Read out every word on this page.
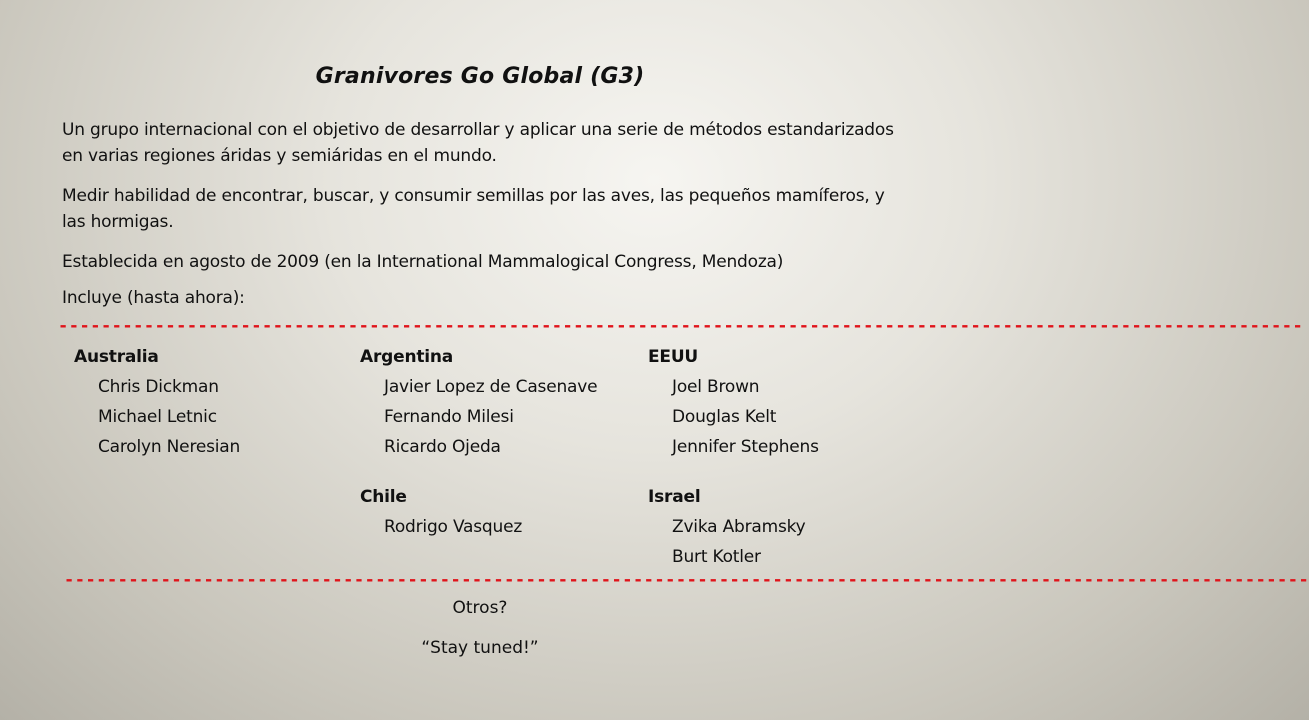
Granivores Go Global (G3)
Un grupo internacional con el objetivo de desarrollar y aplicar una serie de métodos estandarizados en varias regiones áridas y semiáridas en el mundo.
Medir habilidad de encontrar, buscar, y consumir semillas por las aves, las pequeños mamíferos, y las hormigas.
Establecida en agosto de 2009 (en la International Mammalogical Congress, Mendoza)
Incluye (hasta ahora):
--------------------------------------------------------------------------------------------------------------------
Australia
Chris Dickman
Michael Letnic
Carolyn Neresian
Argentina
Javier Lopez de Casenave
Fernando Milesi
Ricardo Ojeda
EEUU
Joel Brown
Douglas Kelt
Jennifer Stephens
Chile
Rodrigo Vasquez
Israel
Zvika Abramsky
Burt Kotler
--------------------------------------------------------------------------------------------------------------------
Otros?
“Stay tuned!”
